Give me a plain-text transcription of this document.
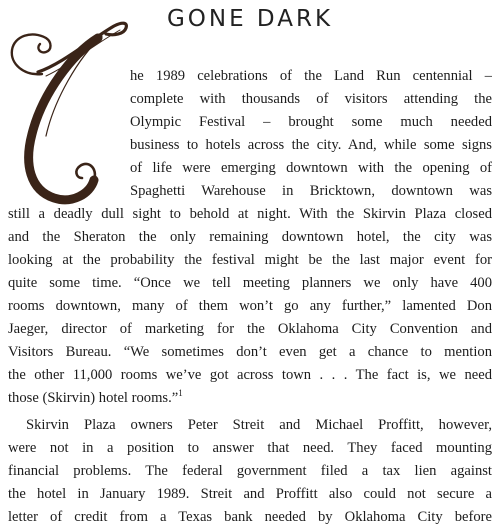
GONE DARK
he 1989 celebrations of the Land Run centennial –
complete with thousands of visitors attending the
Olympic Festival – brought some much needed
business to hotels across the city. And, while some signs
of life were emerging downtown with the opening of
Spaghetti Warehouse in Bricktown, downtown was
still a deadly dull sight to behold at night. With the Skirvin Plaza closed
and the Sheraton the only remaining downtown hotel, the city was
looking at the probability the festival might be the last major event for
quite some time. “Once we tell meeting planners we only have 400
rooms downtown, many of them won’t go any further,” lamented Don
Jaeger, director of marketing for the Oklahoma City Convention and
Visitors Bureau. “We sometimes don’t even get a chance to mention
the other 11,000 rooms we’ve got across town . . . The fact is, we need
those (Skirvin) hotel rooms.”$^1$
Skirvin Plaza owners Peter Streit and Michael Proffitt, however,
were not in a position to answer that need. They faced mounting
financial problems. The federal government filed a tax lien against
the hotel in January 1989. Streit and Proffitt also could not secure a
letter of credit from a Texas bank needed by Oklahoma City before
